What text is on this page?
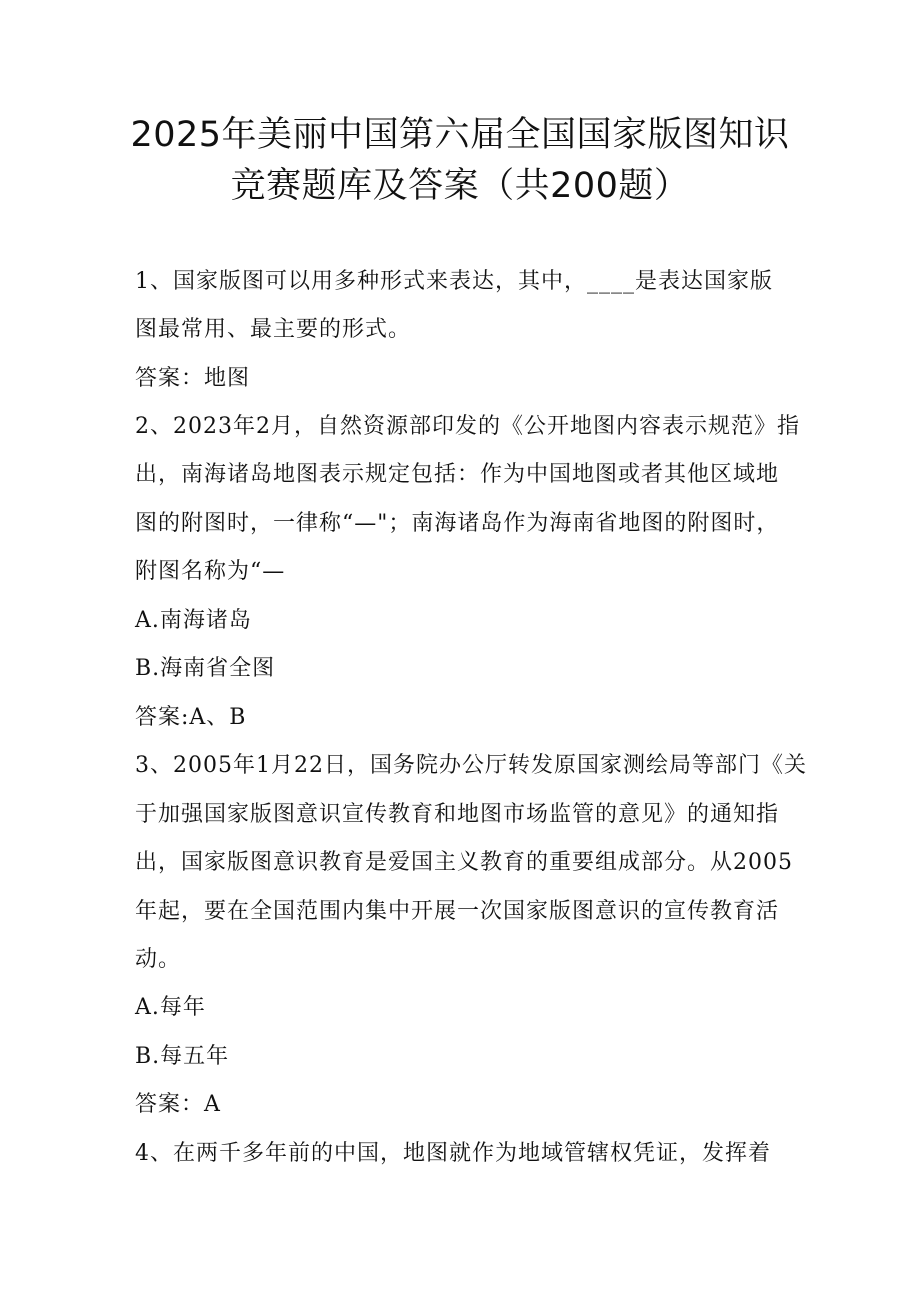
2025年美丽中国第六届全国国家版图知识
竞赛题库及答案（共200题）
1、国家版图可以用多种形式来表达，其中，____是表达国家版
图最常用、最主要的形式。
答案：地图
2、2023年2月，自然资源部印发的《公开地图内容表示规范》指
出，南海诸岛地图表示规定包括：作为中国地图或者其他区域地
图的附图时，一律称“—"；南海诸岛作为海南省地图的附图时，
附图名称为“—
A.南海诸岛
B.海南省全图
答案:A、B
3、2005年1月22日，国务院办公厅转发原国家测绘局等部门《关
于加强国家版图意识宣传教育和地图市场监管的意见》的通知指
出，国家版图意识教育是爱国主义教育的重要组成部分。从2005
年起，要在全国范围内集中开展一次国家版图意识的宣传教育活
动。
A.每年
B.每五年
答案：A
4、在两千多年前的中国，地图就作为地域管辖权凭证，发挥着
